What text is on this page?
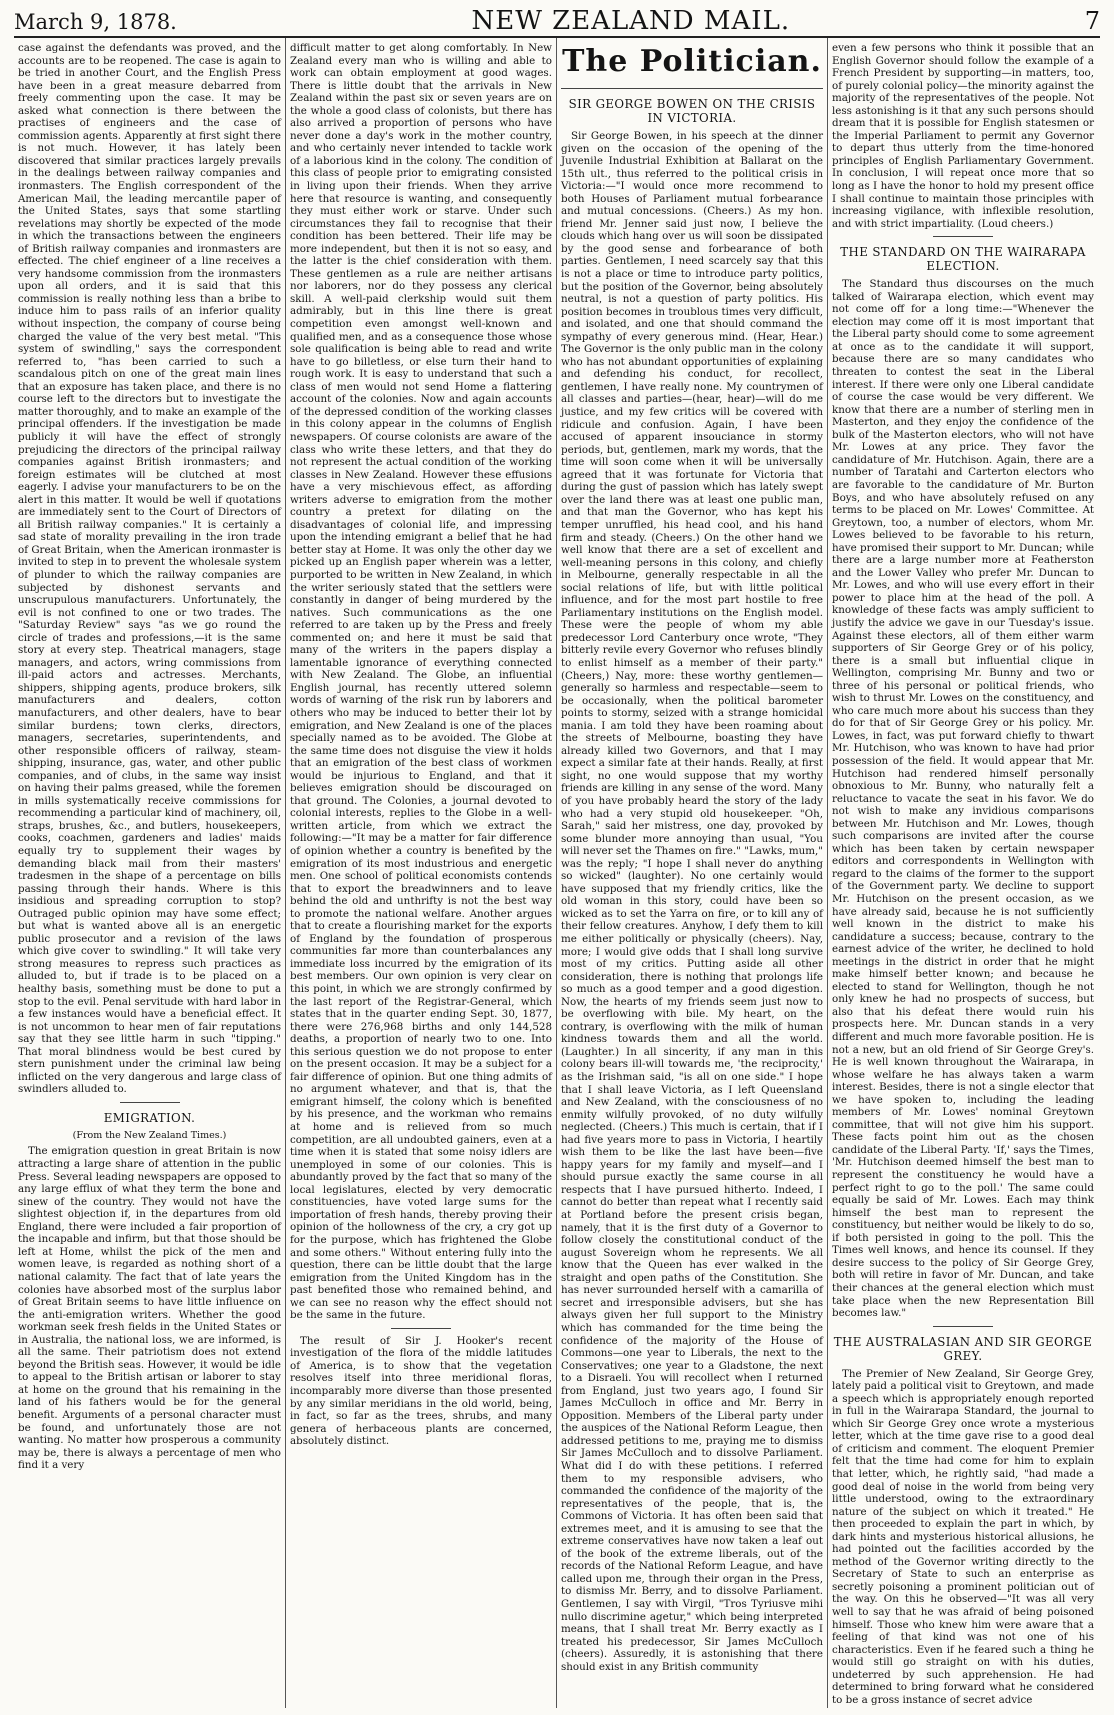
March 9, 1878.	NEW ZEALAND MAIL.	7

case against the defendants was proved, and the accounts are to be reopened. The case is again to be tried in another Court, and the English Press have been in a great measure debarred from freely commenting upon the case. It may be asked what connection is there between the practises of engineers and the case of commission agents. Apparently at first sight there is not much. However, it has lately been discovered that similar practices largely prevails in the dealings between railway companies and ironmasters. The English correspondent of the American Mail, the leading mercantile paper of the United States, says that some startling revelations may shortly be expected of the mode in which the transactions between the engineers of British railway companies and ironmasters are effected. The chief engineer of a line receives a very handsome commission from the ironmasters upon all orders, and it is said that this commission is really nothing less than a bribe to induce him to pass rails of an inferior quality without inspection, the company of course being charged the value of the very best metal. "This system of swindling," says the correspondent referred to, "has been carried to such a scandalous pitch on one of the great main lines that an exposure has taken place, and there is no course left to the directors but to investigate the matter thoroughly, and to make an example of the principal offenders. If the investigation be made publicly it will have the effect of strongly prejudicing the directors of the principal railway companies against British ironmasters; and foreign estimates will be clutched at most eagerly. I advise your manufacturers to be on the alert in this matter. It would be well if quotations are immediately sent to the Court of Directors of all British railway companies." It is certainly a sad state of morality prevailing in the iron trade of Great Britain, when the American ironmaster is invited to step in to prevent the wholesale system of plunder to which the railway companies are subjected by dishonest servants and unscrupulous manufacturers. Unfortunately, the evil is not confined to one or two trades. The "Saturday Review" says "as we go round the circle of trades and professions,—it is the same story at every step. Theatrical managers, stage managers, and actors, wring commissions from ill-paid actors and actresses. Merchants, shippers, shipping agents, produce brokers, silk manufacturers and dealers, cotton manufacturers, and other dealers, have to bear similar burdens; town clerks, directors, managers, secretaries, superintendents, and other responsible officers of railway, steam-shipping, insurance, gas, water, and other public companies, and of clubs, in the same way insist on having their palms greased, while the foremen in mills systematically receive commissions for recommending a particular kind of machinery, oil, straps, brushes, &c., and butlers, housekeepers, cooks, coachmen, gardeners and ladies' maids equally try to supplement their wages by demanding black mail from their masters' tradesmen in the shape of a percentage on bills passing through their hands. Where is this insidious and spreading corruption to stop? Outraged public opinion may have some effect; but what is wanted above all is an energetic public prosecutor and a revision of the laws which give cover to swindling." It will take very strong measures to repress such practices as alluded to, but if trade is to be placed on a healthy basis, something must be done to put a stop to the evil. Penal servitude with hard labor in a few instances would have a beneficial effect. It is not uncommon to hear men of fair reputations say that they see little harm in such "tipping." That moral blindness would be best cured by stern punishment under the criminal law being inflicted on the very dangerous and large class of swindlers alluded to.

EMIGRATION.
(From the New Zealand Times.)

The emigration question in great Britain is now attracting a large share of attention in the public Press. Several leading newspapers are opposed to any large efflux of what they term the bone and sinew of the country. They would not have the slightest objection if, in the departures from old England, there were included a fair proportion of the incapable and infirm, but that those should be left at Home, whilst the pick of the men and women leave, is regarded as nothing short of a national calamity. The fact that of late years the colonies have absorbed most of the surplus labor of Great Britain seems to have little influence on the anti-emigration writers. Whether the good workman seek fresh fields in the United States or in Australia, the national loss, we are informed, is all the same. Their patriotism does not extend beyond the British seas. However, it would be idle to appeal to the British artisan or laborer to stay at home on the ground that his remaining in the land of his fathers would be for the general benefit. Arguments of a personal character must be found, and unfortunately those are not wanting. No matter how prosperous a community may be, there is always a percentage of men who find it a very

difficult matter to get along comfortably. In New Zealand every man who is willing and able to work can obtain employment at good wages. There is little doubt that the arrivals in New Zealand within the past six or seven years are on the whole a good class of colonists, but there has also arrived a proportion of persons who have never done a day's work in the mother country, and who certainly never intended to tackle work of a laborious kind in the colony. The condition of this class of people prior to emigrating consisted in living upon their friends. When they arrive here that resource is wanting, and consequently they must either work or starve. Under such circumstances they fail to recognise that their condition has been bettered. Their life may be more independent, but then it is not so easy, and the latter is the chief consideration with them. These gentlemen as a rule are neither artisans nor laborers, nor do they possess any clerical skill. A well-paid clerkship would suit them admirably, but in this line there is great competition even amongst well-known and qualified men, and as a consequence those whose sole qualification is being able to read and write have to go billetless, or else turn their hand to rough work. It is easy to understand that such a class of men would not send Home a flattering account of the colonies. Now and again accounts of the depressed condition of the working classes in this colony appear in the columns of English newspapers. Of course colonists are aware of the class who write these letters, and that they do not represent the actual condition of the working classes in New Zealand. However these effusions have a very mischievous effect, as affording writers adverse to emigration from the mother country a pretext for dilating on the disadvantages of colonial life, and impressing upon the intending emigrant a belief that he had better stay at Home. It was only the other day we picked up an English paper wherein was a letter, purported to be written in New Zealand, in which the writer seriously stated that the settlers were constantly in danger of being murdered by the natives. Such communications as the one referred to are taken up by the Press and freely commented on; and here it must be said that many of the writers in the papers display a lamentable ignorance of everything connected with New Zealand. The Globe, an influential English journal, has recently uttered solemn words of warning of the risk run by laborers and others who may be induced to better their lot by emigration, and New Zealand is one of the places specially named as to be avoided. The Globe at the same time does not disguise the view it holds that an emigration of the best class of workmen would be injurious to England, and that it believes emigration should be discouraged on that ground. The Colonies, a journal devoted to colonial interests, replies to the Globe in a well-written article, from which we extract the following:—"It may be a matter for fair difference of opinion whether a country is benefited by the emigration of its most industrious and energetic men. One school of political economists contends that to export the breadwinners and to leave behind the old and unthrifty is not the best way to promote the national welfare. Another argues that to create a flourishing market for the exports of England by the foundation of prosperous communities far more than counterbalances any immediate loss incurred by the emigration of its best members. Our own opinion is very clear on this point, in which we are strongly confirmed by the last report of the Registrar-General, which states that in the quarter ending Sept. 30, 1877, there were 276,968 births and only 144,528 deaths, a proportion of nearly two to one. Into this serious question we do not propose to enter on the present occasion. It may be a subject for a fair difference of opinion. But one thing admits of no argument whatever, and that is, that the emigrant himself, the colony which is benefited by his presence, and the workman who remains at home and is relieved from so much competition, are all undoubted gainers, even at a time when it is stated that some noisy idlers are unemployed in some of our colonies. This is abundantly proved by the fact that so many of the local legislatures, elected by very democratic constituencies, have voted large sums for the importation of fresh hands, thereby proving their opinion of the hollowness of the cry, a cry got up for the purpose, which has frightened the Globe and some others." Without entering fully into the question, there can be little doubt that the large emigration from the United Kingdom has in the past benefited those who remained behind, and we can see no reason why the effect should not be the same in the future.

The result of Sir J. Hooker's recent investigation of the flora of the middle latitudes of America, is to show that the vegetation resolves itself into three meridional floras, incomparably more diverse than those presented by any similar meridians in the old world, being, in fact, so far as the trees, shrubs, and many genera of herbaceous plants are concerned, absolutely distinct.

The Politician.
SIR GEORGE BOWEN ON THE CRISIS IN VICTORIA.

Sir George Bowen, in his speech at the dinner given on the occasion of the opening of the Juvenile Industrial Exhibition at Ballarat on the 15th ult., thus referred to the political crisis in Victoria:—"I would once more recommend to both Houses of Parliament mutual forbearance and mutual concessions. (Cheers.) As my hon. friend Mr. Jenner said just now, I believe the clouds which hang over us will soon be dissipated by the good sense and forbearance of both parties. Gentlemen, I need scarcely say that this is not a place or time to introduce party politics, but the position of the Governor, being absolutely neutral, is not a question of party politics. His position becomes in troublous times very difficult, and isolated, and one that should command the sympathy of every generous mind. (Hear, Hear.) The Governor is the only public man in the colony who has not abundant opportunities of explaining and defending his conduct, for recollect, gentlemen, I have really none. My countrymen of all classes and parties—(hear, hear)—will do me justice, and my few critics will be covered with ridicule and confusion. Again, I have been accused of apparent insouciance in stormy periods, but, gentlemen, mark my words, that the time will soon come when it will be universally agreed that it was fortunate for Victoria that during the gust of passion which has lately swept over the land there was at least one public man, and that man the Governor, who has kept his temper unruffled, his head cool, and his hand firm and steady. (Cheers.) On the other hand we well know that there are a set of excellent and well-meaning persons in this colony, and chiefly in Melbourne, generally respectable in all the social relations of life, but with little political influence, and for the most part hostile to free Parliamentary institutions on the English model. These were the people of whom my able predecessor Lord Canterbury once wrote, "They bitterly revile every Governor who refuses blindly to enlist himself as a member of their party." (Cheers,) Nay, more: these worthy gentlemen—generally so harmless and respectable—seem to be occasionally, when the political barometer points to stormy, seized with a strange homicidal mania. I am told they have been roaming about the streets of Melbourne, boasting they have already killed two Governors, and that I may expect a similar fate at their hands. Really, at first sight, no one would suppose that my worthy friends are killing in any sense of the word. Many of you have probably heard the story of the lady who had a very stupid old housekeeper. "Oh, Sarah," said her mistress, one day, provoked by some blunder more annoying than usual, "You will never set the Thames on fire." "Lawks, mum," was the reply; "I hope I shall never do anything so wicked" (laughter). No one certainly would have supposed that my friendly critics, like the old woman in this story, could have been so wicked as to set the Yarra on fire, or to kill any of their fellow creatures. Anyhow, I defy them to kill me either politically or physically (cheers). Nay, more; I would give odds that I shall long survive most of my critics. Putting aside all other consideration, there is nothing that prolongs life so much as a good temper and a good digestion. Now, the hearts of my friends seem just now to be overflowing with bile. My heart, on the contrary, is overflowing with the milk of human kindness towards them and all the world. (Laughter.) In all sincerity, if any man in this colony bears ill-will towards me, 'the reciprocity,' as the Irishman said, "is all on one side." I hope that I shall leave Victoria, as I left Queensland and New Zealand, with the consciousness of no enmity wilfully provoked, of no duty wilfully neglected. (Cheers.) This much is certain, that if I had five years more to pass in Victoria, I heartily wish them to be like the last have been—five happy years for my family and myself—and I should pursue exactly the same course in all respects that I have pursued hitherto. Indeed, I cannot do better than repeat what I recently said at Portland before the present crisis began, namely, that it is the first duty of a Governor to follow closely the constitutional conduct of the august Sovereign whom he represents. We all know that the Queen has ever walked in the straight and open paths of the Constitution. She has never surrounded herself with a camarilla of secret and irresponsible advisers, but she has always given her full support to the Ministry which has commanded for the time being the confidence of the majority of the House of Commons—one year to Liberals, the next to the Conservatives; one year to a Gladstone, the next to a Disraeli. You will recollect when I returned from England, just two years ago, I found Sir James McCulloch in office and Mr. Berry in Opposition. Members of the Liberal party under the auspices of the National Reform League, then addressed petitions to me, praying me to dismiss Sir James McCulloch and to dissolve Parliament. What did I do with these petitions. I referred them to my responsible advisers, who commanded the confidence of the majority of the representatives of the people, that is, the Commons of Victoria. It has often been said that extremes meet, and it is amusing to see that the extreme conservatives have now taken a leaf out of the book of the extreme liberals, out of the records of the National Reform League, and have called upon me, through their organ in the Press, to dismiss Mr. Berry, and to dissolve Parliament. Gentlemen, I say with Virgil, "Tros Tyriusve mihi nullo discrimine agetur," which being interpreted means, that I shall treat Mr. Berry exactly as I treated his predecessor, Sir James McCulloch (cheers). Assuredly, it is astonishing that there should exist in any British community

even a few persons who think it possible that an English Governor should follow the example of a French President by supporting—in matters, too, of purely colonial policy—the minority against the majority of the representatives of the people. Not less astonishing is it that any such persons should dream that it is possible for English statesmen or the Imperial Parliament to permit any Governor to depart thus utterly from the time-honored principles of English Parliamentary Government. In conclusion, I will repeat once more that so long as I have the honor to hold my present office I shall continue to maintain those principles with increasing vigilance, with inflexible resolution, and with strict impartiality. (Loud cheers.)

THE STANDARD ON THE WAIRARAPA ELECTION.

The Standard thus discourses on the much talked of Wairarapa election, which event may not come off for a long time:—"Whenever the election may come off it is most important that the Liberal party should come to some agreement at once as to the candidate it will support, because there are so many candidates who threaten to contest the seat in the Liberal interest. If there were only one Liberal candidate of course the case would be very different. We know that there are a number of sterling men in Masterton, and they enjoy the confidence of the bulk of the Masterton electors, who will not have Mr. Lowes at any price. They favor the candidature of Mr. Hutchison. Again, there are a number of Taratahi and Carterton electors who are favorable to the candidature of Mr. Burton Boys, and who have absolutely refused on any terms to be placed on Mr. Lowes' Committee. At Greytown, too, a number of electors, whom Mr. Lowes believed to be favorable to his return, have promised their support to Mr. Duncan; while there are a large number more at Featherston and the Lower Valley who prefer Mr. Duncan to Mr. Lowes, and who will use every effort in their power to place him at the head of the poll. A knowledge of these facts was amply sufficient to justify the advice we gave in our Tuesday's issue. Against these electors, all of them either warm supporters of Sir George Grey or of his policy, there is a small but influential clique in Wellington, comprising Mr. Bunny and two or three of his personal or political friends, who wish to thrust Mr. Lowes on the constituency, and who care much more about his success than they do for that of Sir George Grey or his policy. Mr. Lowes, in fact, was put forward chiefly to thwart Mr. Hutchison, who was known to have had prior possession of the field. It would appear that Mr. Hutchison had rendered himself personally obnoxious to Mr. Bunny, who naturally felt a reluctance to vacate the seat in his favor. We do not wish to make any invidious comparisons between Mr. Hutchison and Mr. Lowes, though such comparisons are invited after the course which has been taken by certain newspaper editors and correspondents in Wellington with regard to the claims of the former to the support of the Government party. We decline to support Mr. Hutchison on the present occasion, as we have already said, because he is not sufficiently well known in the district to make his candidature a success; because, contrary to the earnest advice of the writer, he declined to hold meetings in the district in order that he might make himself better known; and because he elected to stand for Wellington, though he not only knew he had no prospects of success, but also that his defeat there would ruin his prospects here. Mr. Duncan stands in a very different and much more favorable position. He is not a new, but an old friend of Sir George Grey's. He is well known throughout the Wairarapa, in whose welfare he has always taken a warm interest. Besides, there is not a single elector that we have spoken to, including the leading members of Mr. Lowes' nominal Greytown committee, that will not give him his support. These facts point him out as the chosen candidate of the Liberal Party. 'If,' says the Times, 'Mr. Hutchison deemed himself the best man to represent the constituency he would have a perfect right to go to the poll.' The same could equally be said of Mr. Lowes. Each may think himself the best man to represent the constituency, but neither would be likely to do so, if both persisted in going to the poll. This the Times well knows, and hence its counsel. If they desire success to the policy of Sir George Grey, both will retire in favor of Mr. Duncan, and take their chances at the general election which must take place when the new Representation Bill becomes law."

THE AUSTRALASIAN AND SIR GEORGE GREY.

The Premier of New Zealand, Sir George Grey, lately paid a political visit to Greytown, and made a speech which is appropriately enough reported in full in the Wairarapa Standard, the journal to which Sir George Grey once wrote a mysterious letter, which at the time gave rise to a good deal of criticism and comment. The eloquent Premier felt that the time had come for him to explain that letter, which, he rightly said, "had made a good deal of noise in the world from being very little understood, owing to the extraordinary nature of the subject on which it treated." He then proceeded to explain the part in which, by dark hints and mysterious historical allusions, he had pointed out the facilities accorded by the method of the Governor writing directly to the Secretary of State to such an enterprise as secretly poisoning a prominent politician out of the way. On this he observed—"It was all very well to say that he was afraid of being poisoned himself. Those who knew him were aware that a feeling of that kind was not one of his characteristics. Even if he feared such a thing he would still go straight on with his duties, undeterred by such apprehension. He had determined to bring forward what he considered to be a gross instance of secret advice
